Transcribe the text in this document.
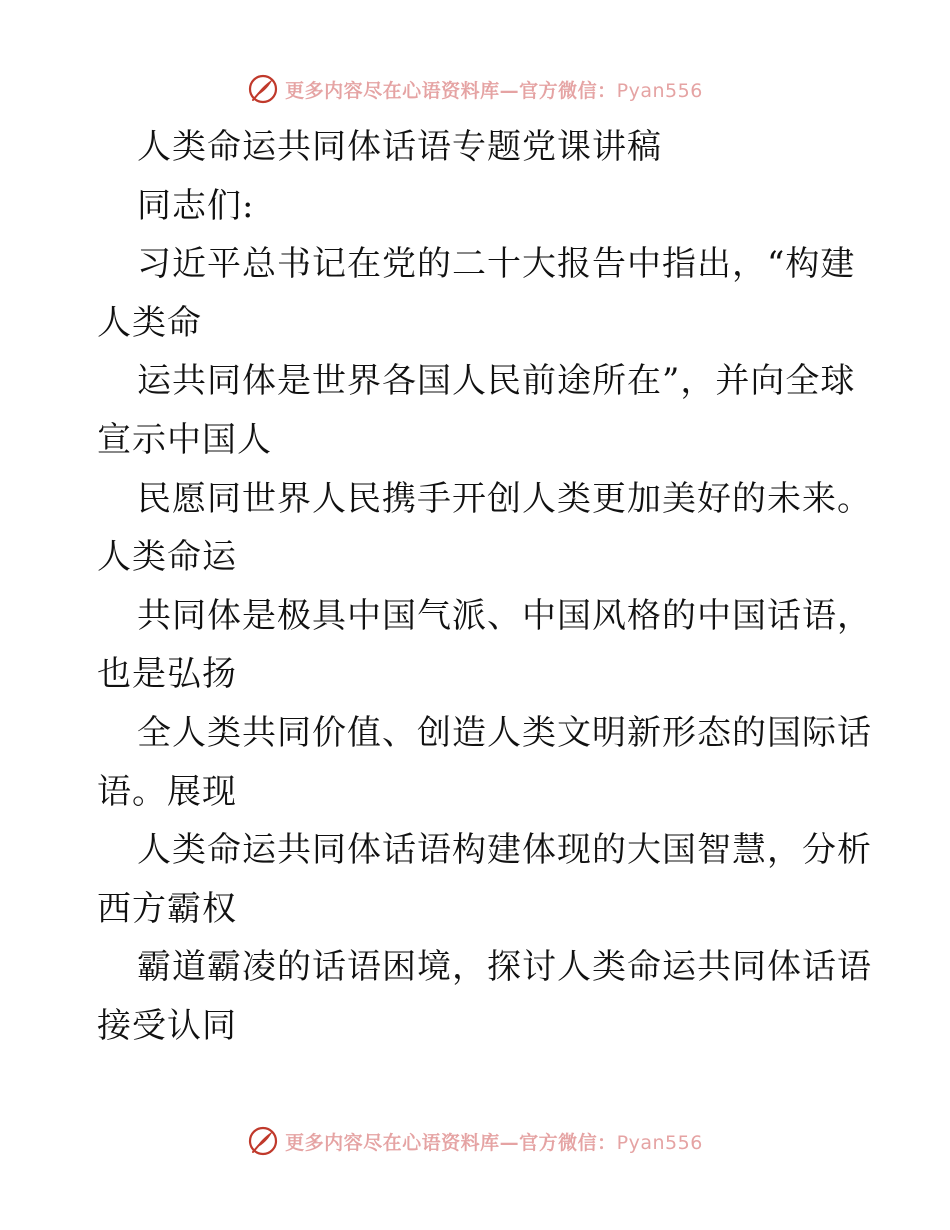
更多内容尽在心语资料库—官方微信：Pyan556
人类命运共同体话语专题党课讲稿
同志们:
习近平总书记在党的二十大报告中指出，“构建
人类命
运共同体是世界各国人民前途所在”，并向全球
宣示中国人
民愿同世界人民携手开创人类更加美好的未来。
人类命运
共同体是极具中国气派、中国风格的中国话语，
也是弘扬
全人类共同价值、创造人类文明新形态的国际话
语。展现
人类命运共同体话语构建体现的大国智慧，分析
西方霸权
霸道霸凌的话语困境，探讨人类命运共同体话语
接受认同
更多内容尽在心语资料库—官方微信：Pyan556
